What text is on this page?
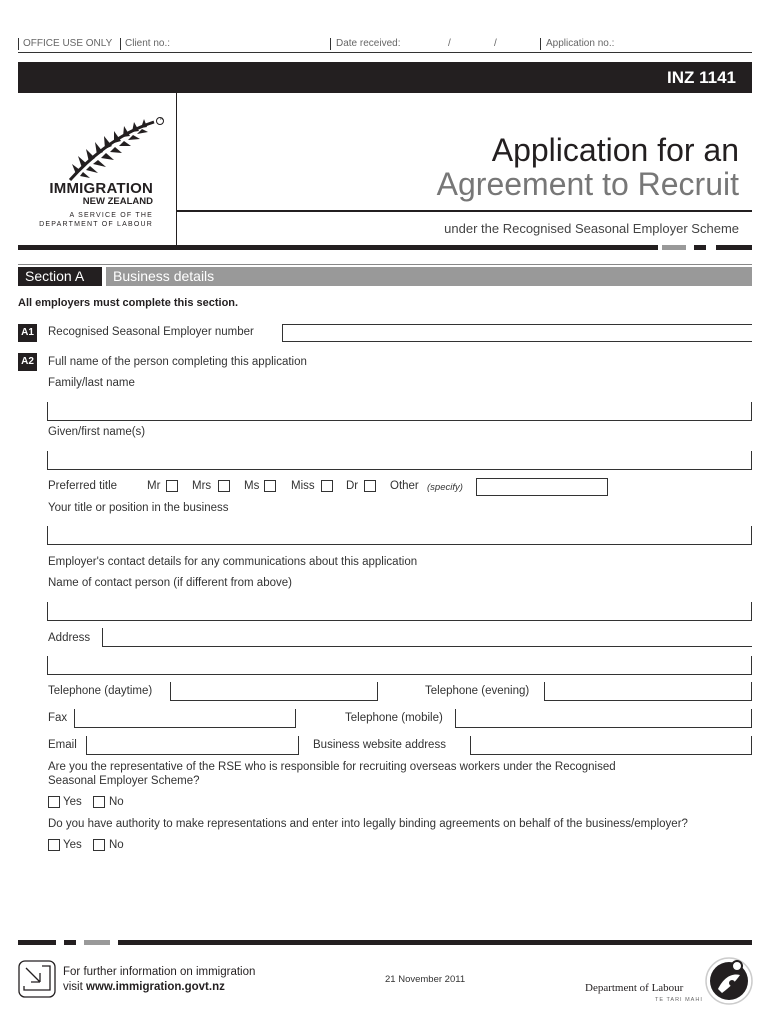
OFFICE USE ONLY Client no.:	Date received:	/	/	Application no.:
INZ 1141
R
IMMIGRATION
NEW ZEALAND
A SERVICE OF THE
DEPARTMENT OF LABOUR
Application for an
Agreement to Recruit
under the Recognised Seasonal Employer Scheme
Section A Business details
All employers must complete this section.
A1 Recognised Seasonal Employer number
A2 Full name of the person completing this application
Family/last name
Given/first name(s)
Preferred title	Mr	Mrs	Ms	Miss	Dr	Other (specify)
Your title or position in the business
Employer's contact details for any communications about this application
Name of contact person (if different from above)
Address
Telephone (daytime)	Telephone (evening)
Fax	Telephone (mobile)
Email	Business website address
Are you the representative of the RSE who is responsible for recruiting overseas workers under the Recognised
Seasonal Employer Scheme?
Yes No
Do you have authority to make representations and enter into legally binding agreements on behalf of the business/employer?
Yes No
For further information on immigration
visit www.immigration.govt.nz
21 November 2011
Department of Labour
TE TARI MAHI
